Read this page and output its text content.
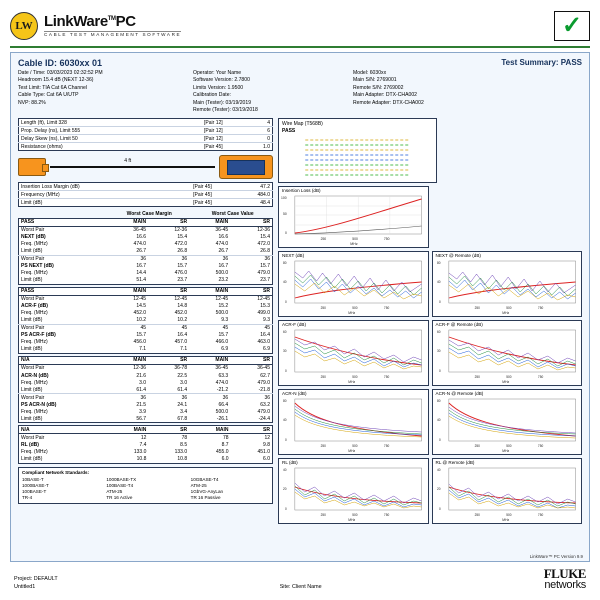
LW LinkWare™PC
CABLE TEST MANAGEMENT SOFTWARE	✓
Cable ID: 6030xx 01	Test Summary: PASS
Date / Time: 03/03/2023 02:32:52 PM
Headroom 15.4 dB (NEXT 12-36)
Test Limit: TIA Cat 6A Channel
Cable Type: Cat 6A U/UTP
NVP: 88.2%
Operator: Your Name
Software Version: 2.7800
Limits Version: 1.9500
Calibration Date:
Main (Tester): 03/19/2019
Remote (Tester): 03/19/2018
Model: 6030xx
Main S/N: 2769001
Remote S/N: 2769002
Main Adapter: DTX-CHA002
Remote Adapter: DTX-CHA002
Length (ft), Limit 328	[Pair 12]	4
Prop. Delay (ns), Limit 555	[Pair 12]	6
Delay Skew (ns), Limit 50	[Pair 12]	0
Resistance (ohms)	[Pair 45]	1.0
4 ft
Insertion Loss Margin (dB)	[Pair 45]	47.2
Frequency (MHz)	[Pair 45]	484.0
Limit (dB)	[Pair 45]	48.4
	Worst Case Margin	Worst Case Value
PASS	MAIN	SR	MAIN	SR
Worst Pair	36-45	12-36	36-45	12-36
NEXT (dB)	16.6	15.4	16.6	15.4
Freq. (MHz)	474.0	472.0	474.0	472.0
Limit (dB)	26.7	26.8	26.7	26.8
Worst Pair	36	36	36	36
PS NEXT (dB)	16.7	15.7	16.7	15.7
Freq. (MHz)	14.4	476.0	500.0	479.0
Limit (dB)	51.4	23.7	23.2	23.7
PASS	MAIN	SR	MAIN	SR
Worst Pair	12-45	12-45	12-45	12-45
ACR-F (dB)	14.5	14.8	15.2	15.3
Freq. (MHz)	452.0	452.0	500.0	499.0
Limit (dB)	10.2	10.2	9.3	9.3
Worst Pair	45	45	45	45
PS ACR-F (dB)	15.7	16.4	15.7	16.4
Freq. (MHz)	456.0	457.0	466.0	463.0
Limit (dB)	7.1	7.1	6.9	6.9
N/A	MAIN	SR	MAIN	SR
Worst Pair	12-36	36-78	36-45	36-45
ACR-N (dB)	21.6	22.5	63.3	62.7
Freq. (MHz)	3.0	3.0	474.0	479.0
Limit (dB)	61.4	61.4	-21.2	-21.8
Worst Pair	36	36	36	36
PS ACR-N (dB)	21.5	24.1	66.4	63.2
Freq. (MHz)	3.9	3.4	500.0	479.0
Limit (dB)	56.7	67.8	-26.1	-24.4
N/A	MAIN	SR	MAIN	SR
Worst Pair	12	78	78	12
RL (dB)	7.4	8.5	8.7	9.8
Freq. (MHz)	133.0	133.0	455.0	451.0
Limit (dB)	10.8	10.8	6.0	6.0
Compliant Network Standards:
10BASE-T
1000BASE-T
100BASE-T
TR-4
1000BASE-TX
100BASE-T4
ATM-25
TR 16 Active
10GBASE-T4
ATM-25
1GbVG-AnyLan
TR 16 Passive
Wire Map (T568B)
PASS
Insertion Loss (dB)
100
50
0
250	500	750
MHz
NEXT (dB)
80
40
0
250	500	750
MHz
NEXT @ Remote (dB)
80
40
0
250	500	750
MHz
ACR-F (dB)
60
30
0
250	500	750
MHz
ACR-F @ Remote (dB)
60
30
0
250	500	750
MHz
ACR-N (dB)
80
40
0
250	500	750
MHz
ACR-N @ Remote (dB)
80
40
0
250	500	750
MHz
RL (dB)
40
20
0
250	500	750
MHz
RL @ Remote (dB)
40
20
0
250	500	750
MHz
LinkWare™ PC Version 9.9
Project: DEFAULT
Untitled1	Site: Client Name
FLUKE
networks
